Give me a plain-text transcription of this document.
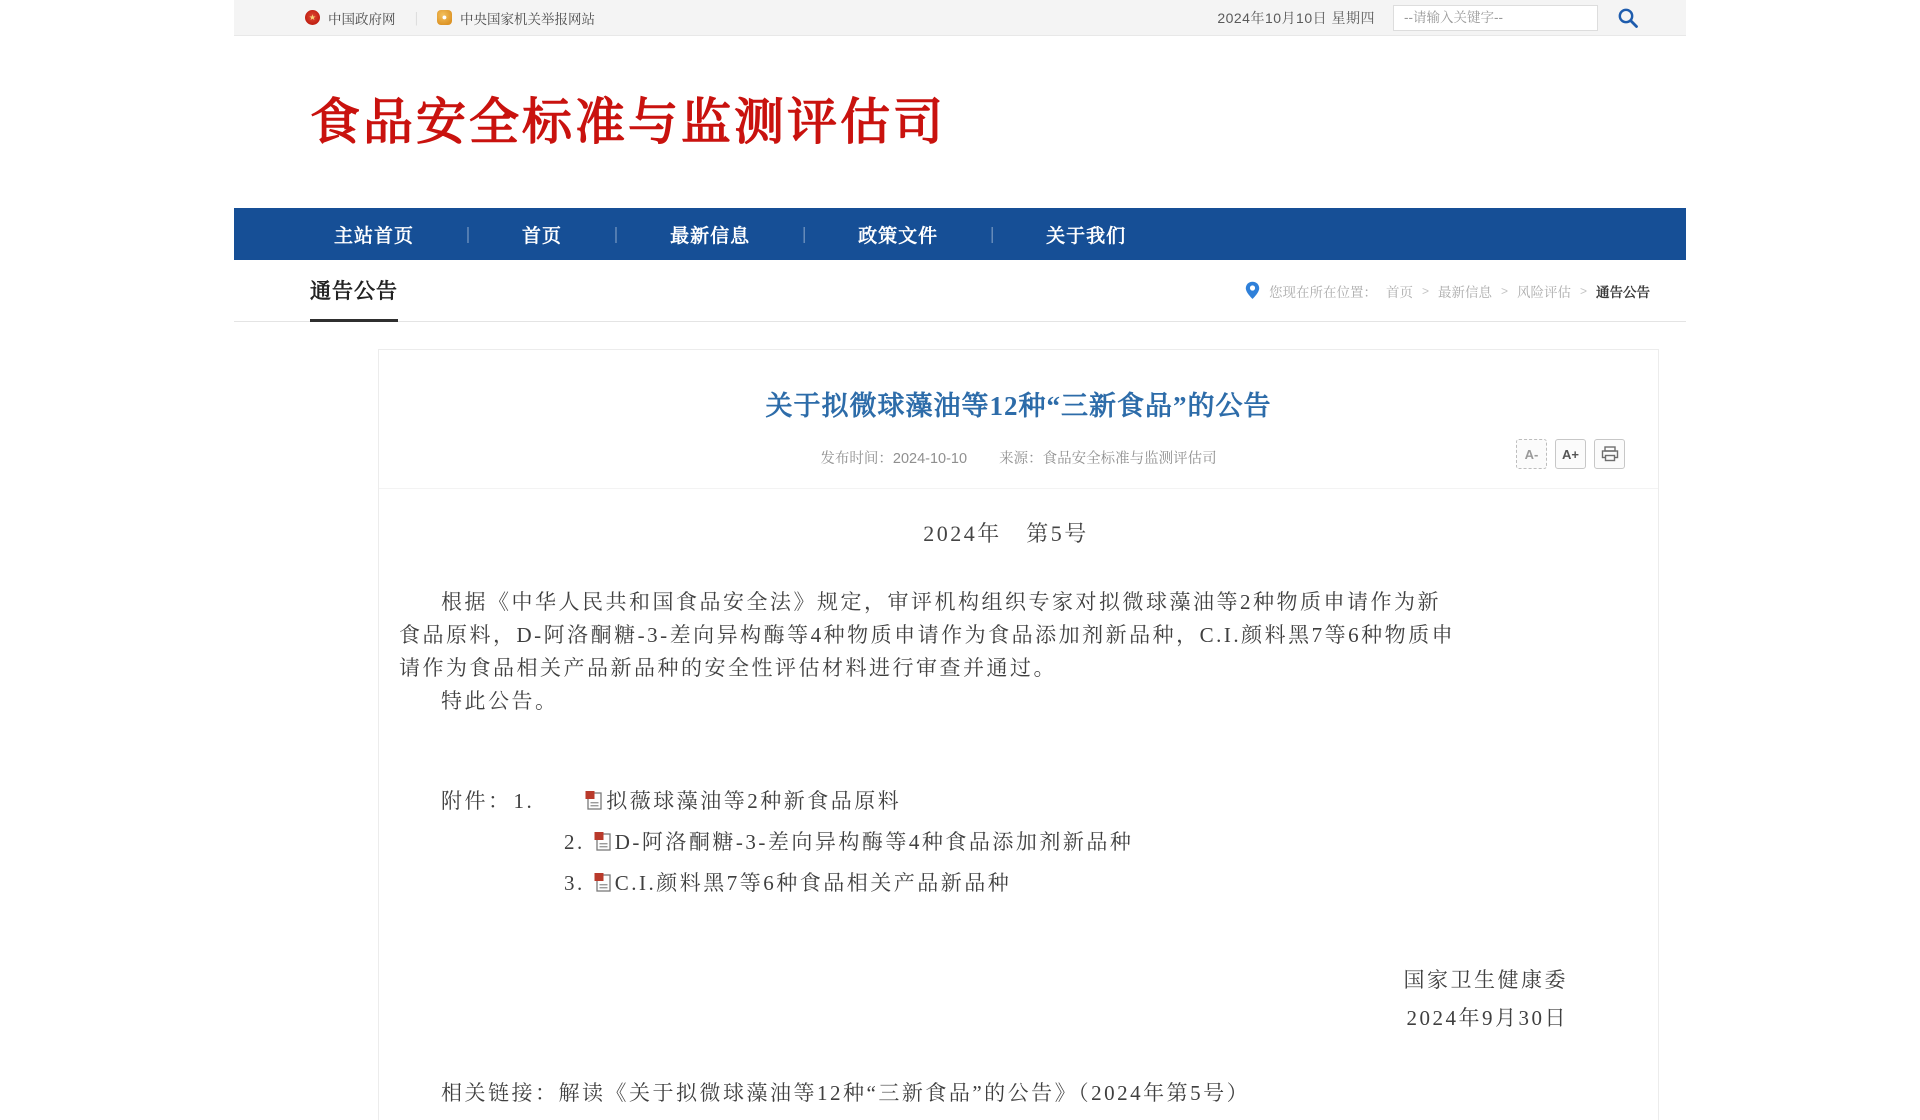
★ 中国政府网 ｜	● 中央国家机关举报网站	2024年10月10日 星期四
--请输入关键字--
食品安全标准与监测评估司
主站首页	｜ 首页	｜ 最新信息	｜ 政策文件	｜ 关于我们
通告公告	您现在所在位置： 首页 > 最新信息 > 风险评估 > 通告公告
关于拟微球藻油等12种“三新食品”的公告
发布时间：2024-10-10 来源：食品安全标准与监测评估司	A-	A+
2024年　第5号

根据《中华人民共和国食品安全法》规定，审评机构组织专家对拟微球藻油等2种物质申请作为新食品原料，D-阿洛酮糖-3-差向异构酶等4种物质申请作为食品添加剂新品种，C.I.颜料黑7等6种物质申请作为食品相关产品新品种的安全性评估材料进行审查并通过。

特此公告。

附件：1.	拟薇球藻油等2种新食品原料
2. D-阿洛酮糖-3-差向异构酶等4种食品添加剂新品种
3. C.I.颜料黑7等6种食品相关产品新品种
国家卫生健康委
2024年9月30日
相关链接：解读《关于拟微球藻油等12种“三新食品”的公告》（2024年第5号）
